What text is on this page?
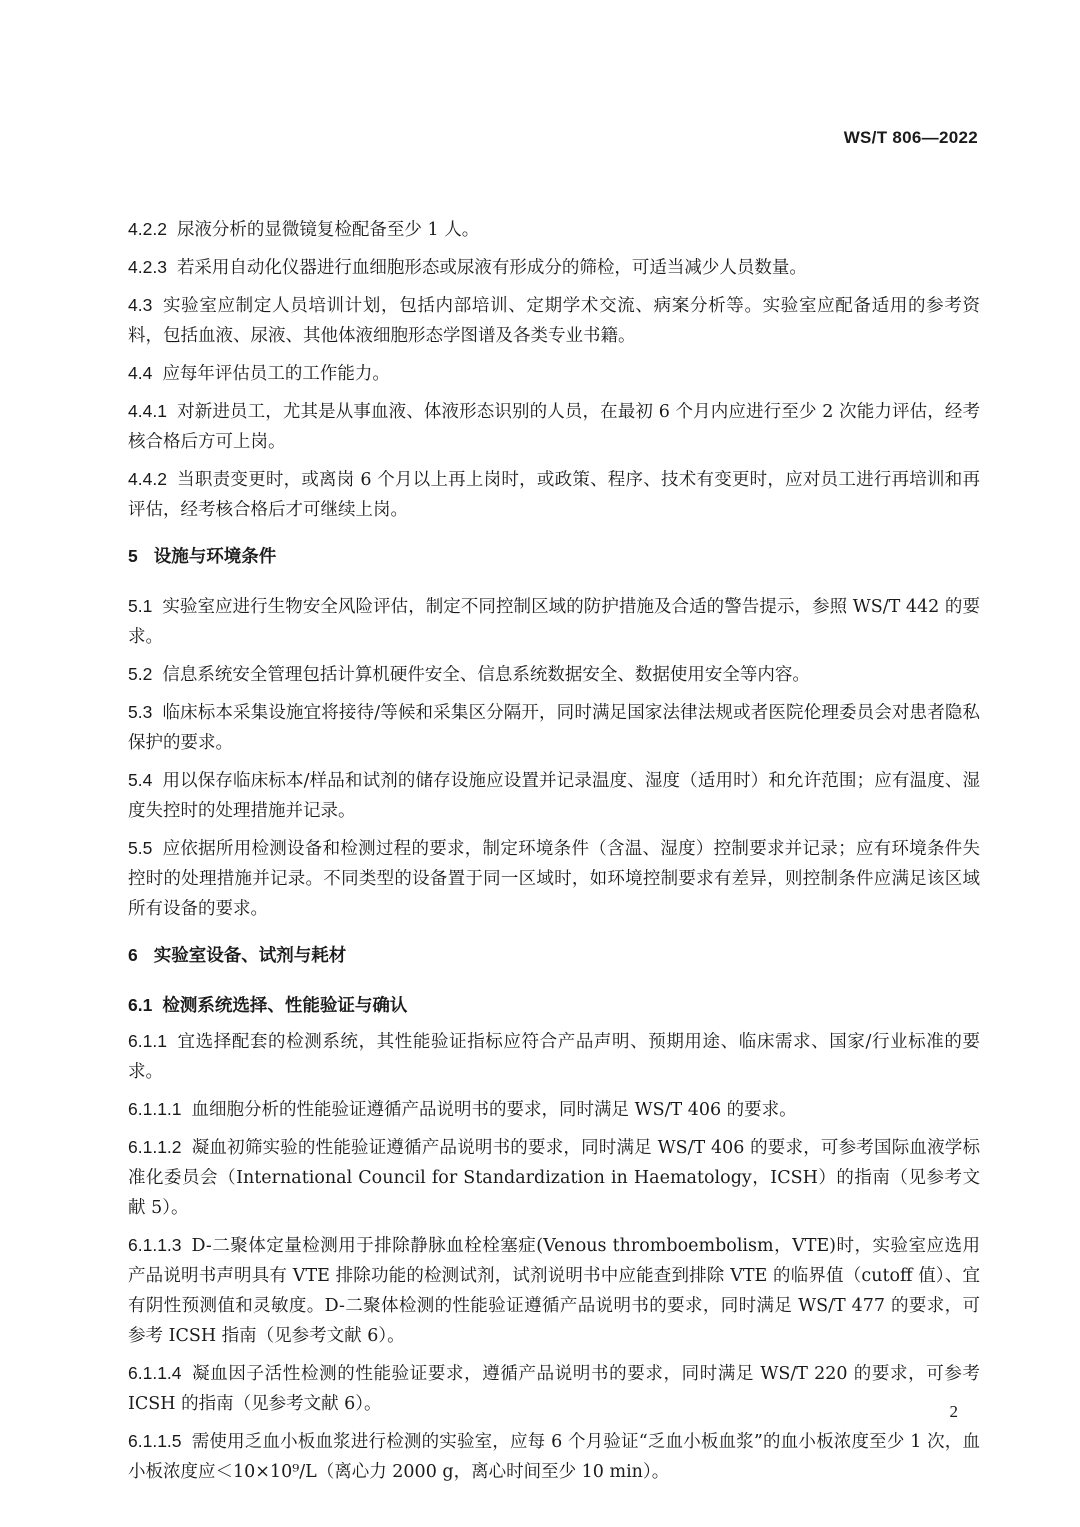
WS/T 806—2022
4.2.2 尿液分析的显微镜复检配备至少 1 人。
4.2.3 若采用自动化仪器进行血细胞形态或尿液有形成分的筛检，可适当减少人员数量。
4.3 实验室应制定人员培训计划，包括内部培训、定期学术交流、病案分析等。实验室应配备适用的参考资料，包括血液、尿液、其他体液细胞形态学图谱及各类专业书籍。
4.4 应每年评估员工的工作能力。
4.4.1 对新进员工，尤其是从事血液、体液形态识别的人员，在最初 6 个月内应进行至少 2 次能力评估，经考核合格后方可上岗。
4.4.2 当职责变更时，或离岗 6 个月以上再上岗时，或政策、程序、技术有变更时，应对员工进行再培训和再评估，经考核合格后才可继续上岗。
5 设施与环境条件
5.1 实验室应进行生物安全风险评估，制定不同控制区域的防护措施及合适的警告提示，参照 WS/T 442 的要求。
5.2 信息系统安全管理包括计算机硬件安全、信息系统数据安全、数据使用安全等内容。
5.3 临床标本采集设施宜将接待/等候和采集区分隔开，同时满足国家法律法规或者医院伦理委员会对患者隐私保护的要求。
5.4 用以保存临床标本/样品和试剂的储存设施应设置并记录温度、湿度（适用时）和允许范围；应有温度、湿度失控时的处理措施并记录。
5.5 应依据所用检测设备和检测过程的要求，制定环境条件（含温、湿度）控制要求并记录；应有环境条件失控时的处理措施并记录。不同类型的设备置于同一区域时，如环境控制要求有差异，则控制条件应满足该区域所有设备的要求。
6 实验室设备、试剂与耗材
6.1 检测系统选择、性能验证与确认
6.1.1 宜选择配套的检测系统，其性能验证指标应符合产品声明、预期用途、临床需求、国家/行业标准的要求。
6.1.1.1 血细胞分析的性能验证遵循产品说明书的要求，同时满足 WS/T 406 的要求。
6.1.1.2 凝血初筛实验的性能验证遵循产品说明书的要求，同时满足 WS/T 406 的要求，可参考国际血液学标准化委员会（International Council for Standardization in Haematology，ICSH）的指南（见参考文献 5）。
6.1.1.3 D-二聚体定量检测用于排除静脉血栓栓塞症(Venous thromboembolism，VTE)时，实验室应选用产品说明书声明具有 VTE 排除功能的检测试剂，试剂说明书中应能查到排除 VTE 的临界值（cutoff 值）、宜有阴性预测值和灵敏度。D-二聚体检测的性能验证遵循产品说明书的要求，同时满足 WS/T 477 的要求，可参考 ICSH 指南（见参考文献 6）。
6.1.1.4 凝血因子活性检测的性能验证要求，遵循产品说明书的要求，同时满足 WS/T 220 的要求，可参考 ICSH 的指南（见参考文献 6）。
6.1.1.5 需使用乏血小板血浆进行检测的实验室，应每 6 个月验证“乏血小板血浆”的血小板浓度至少 1 次，血小板浓度应＜10×10⁹/L（离心力 2000 g，离心时间至少 10 min）。
2
